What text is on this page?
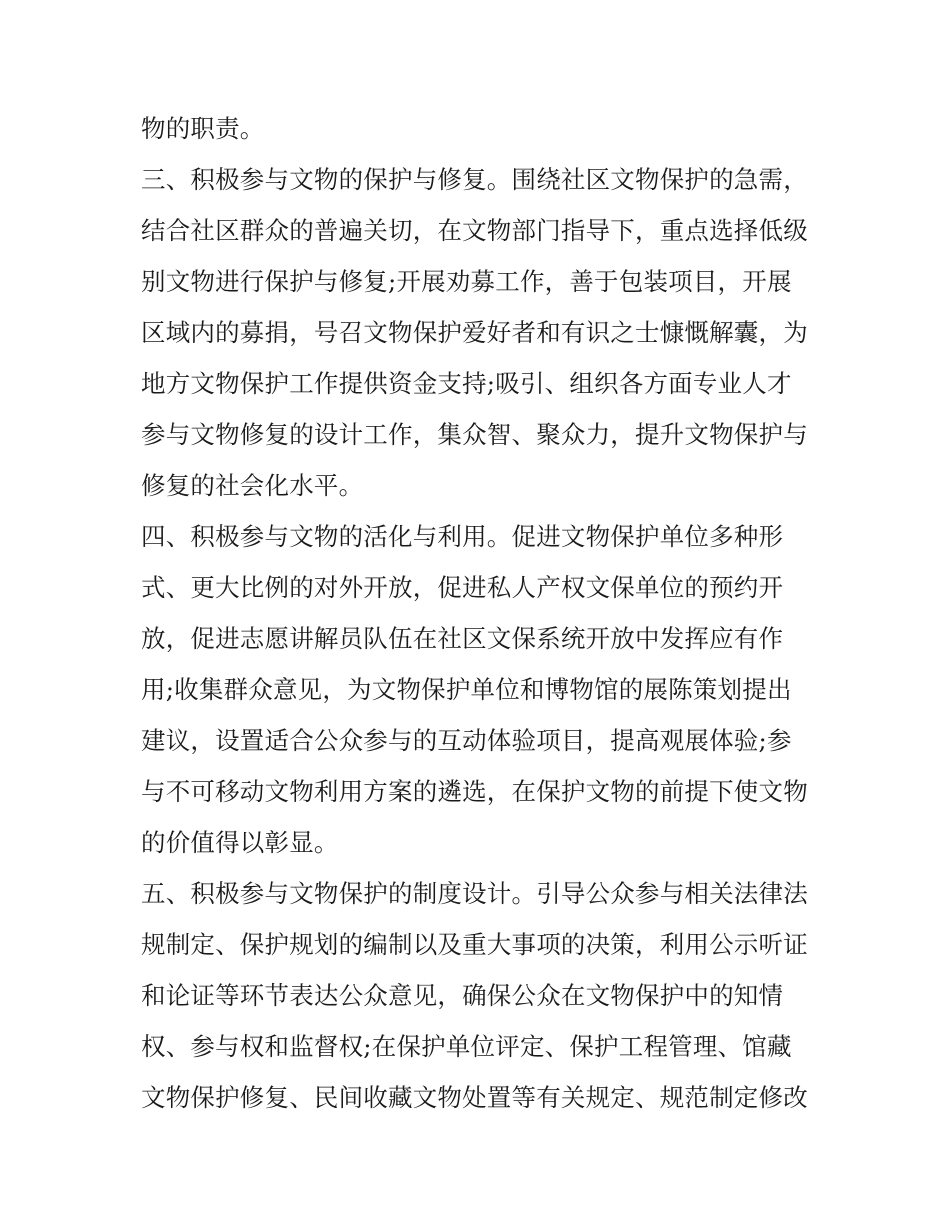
物的职责。
三、积极参与文物的保护与修复。围绕社区文物保护的急需，
结合社区群众的普遍关切，在文物部门指导下，重点选择低级
别文物进行保护与修复;开展劝募工作，善于包装项目，开展
区域内的募捐，号召文物保护爱好者和有识之士慷慨解囊，为
地方文物保护工作提供资金支持;吸引、组织各方面专业人才
参与文物修复的设计工作，集众智、聚众力，提升文物保护与
修复的社会化水平。
四、积极参与文物的活化与利用。促进文物保护单位多种形
式、更大比例的对外开放，促进私人产权文保单位的预约开
放，促进志愿讲解员队伍在社区文保系统开放中发挥应有作
用;收集群众意见，为文物保护单位和博物馆的展陈策划提出
建议，设置适合公众参与的互动体验项目，提高观展体验;参
与不可移动文物利用方案的遴选，在保护文物的前提下使文物
的价值得以彰显。
五、积极参与文物保护的制度设计。引导公众参与相关法律法
规制定、保护规划的编制以及重大事项的决策，利用公示听证
和论证等环节表达公众意见，确保公众在文物保护中的知情
权、参与权和监督权;在保护单位评定、保护工程管理、馆藏
文物保护修复、民间收藏文物处置等有关规定、规范制定修改
